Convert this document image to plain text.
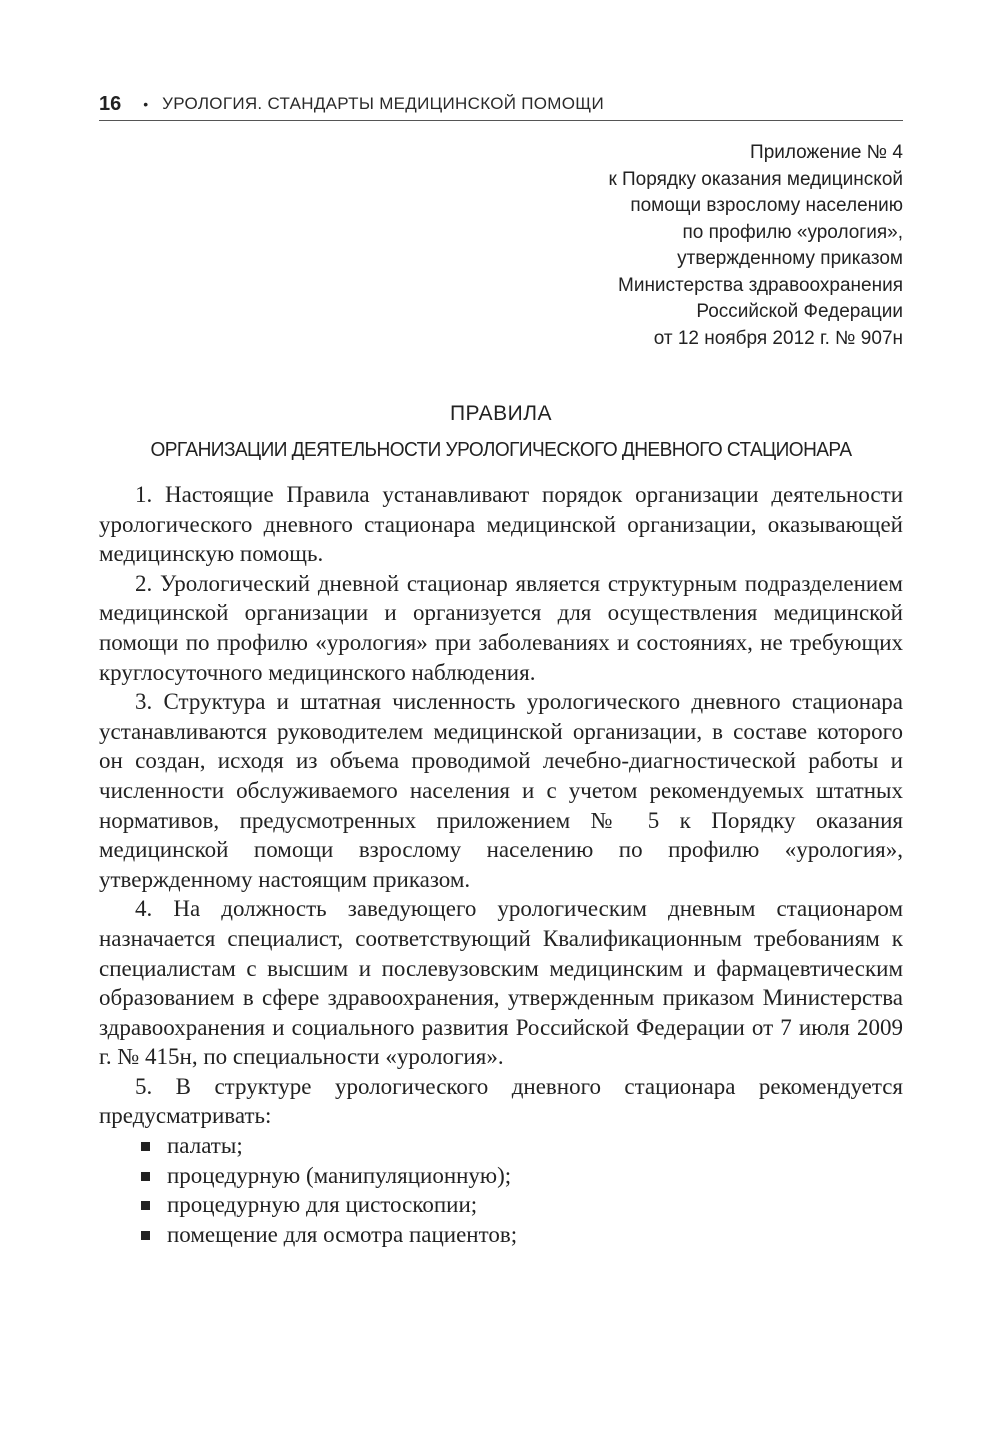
16 • УРОЛОГИЯ. СТАНДАРТЫ МЕДИЦИНСКОЙ ПОМОЩИ
Приложение № 4
к Порядку оказания медицинской
помощи взрослому населению
по профилю «урология»,
утвержденному приказом
Министерства здравоохранения
Российской Федерации
от 12 ноября 2012 г. № 907н
ПРАВИЛА
ОРГАНИЗАЦИИ ДЕЯТЕЛЬНОСТИ УРОЛОГИЧЕСКОГО ДНЕВНОГО СТАЦИОНАРА

1. Настоящие Правила устанавливают порядок организации деятельности урологического дневного стационара медицинской организации, оказывающей медицинскую помощь.

2. Урологический дневной стационар является структурным подразделением медицинской организации и организуется для осуществления медицинской помощи по профилю «урология» при заболеваниях и состояниях, не требующих круглосуточного медицинского наблюдения.

3. Структура и штатная численность урологического дневного стационара устанавливаются руководителем медицинской организации, в составе которого он создан, исходя из объема проводимой лечебно-диагностической работы и численности обслуживаемого населения и с учетом рекомендуемых штатных нормативов, предусмотренных приложением № 5 к Порядку оказания медицинской помощи взрослому населению по профилю «урология», утвержденному настоящим приказом.

4. На должность заведующего урологическим дневным стационаром назначается специалист, соответствующий Квалификационным требованиям к специалистам с высшим и послевузовским медицинским и фармацевтическим образованием в сфере здравоохранения, утвержденным приказом Министерства здравоохранения и социального развития Российской Федерации от 7 июля 2009 г. № 415н, по специальности «урология».

5. В структуре урологического дневного стационара рекомендуется предусматривать:

палаты;
процедурную (манипуляционную);
процедурную для цистоскопии;
помещение для осмотра пациентов;
